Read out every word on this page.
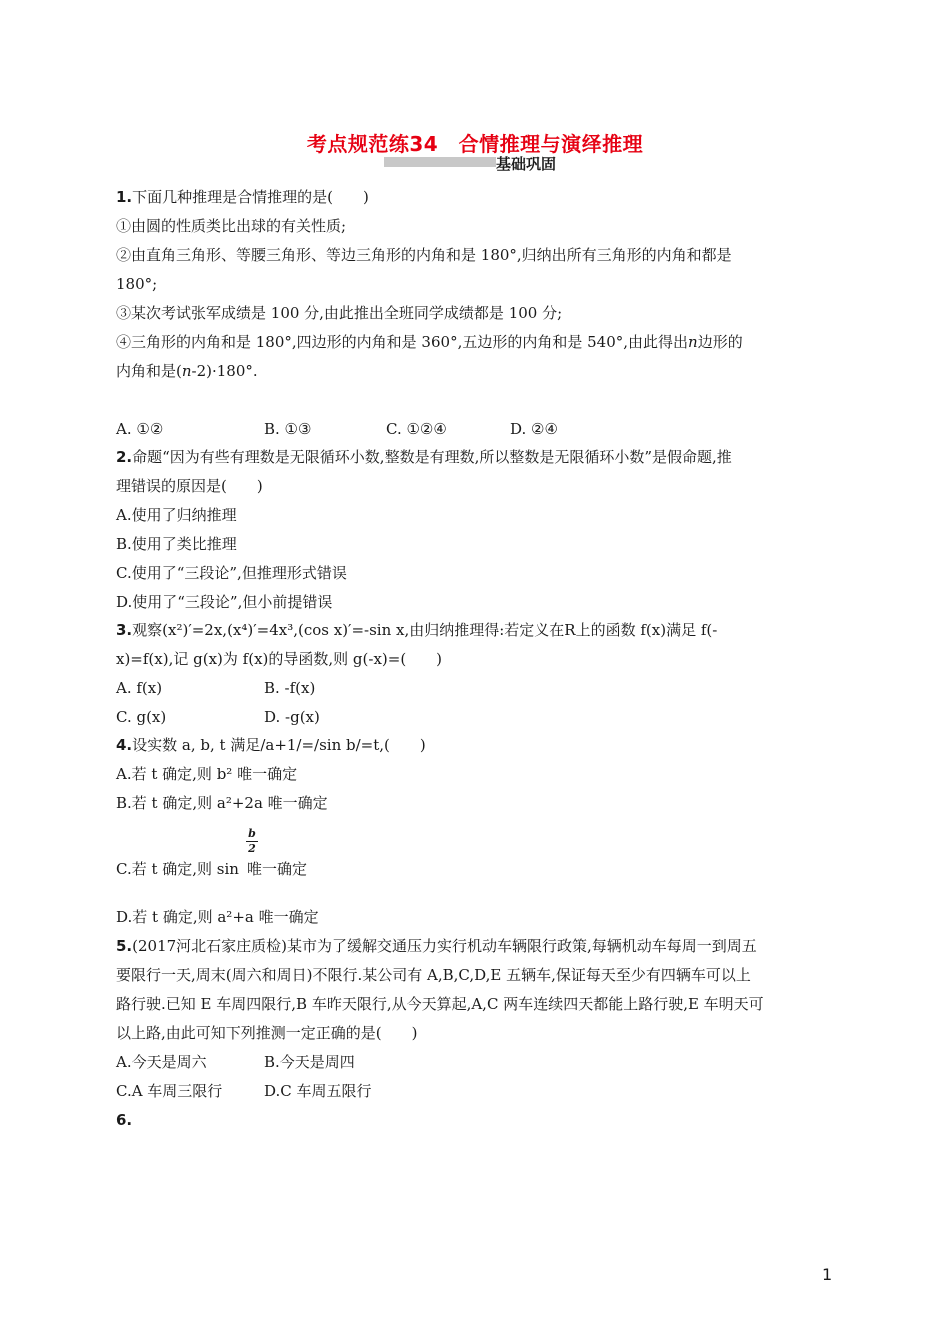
考点规范练34　合情推理与演绎推理
基础巩固
1.下面几种推理是合情推理的是(　　)
①由圆的性质类比出球的有关性质;
②由直角三角形、等腰三角形、等边三角形的内角和是 180°,归纳出所有三角形的内角和都是
180°;
③某次考试张军成绩是 100 分,由此推出全班同学成绩都是 100 分;
④三角形的内角和是 180°,四边形的内角和是 360°,五边形的内角和是 540°,由此得出n边形的
内角和是(n-2)·180°.
A. ①②	B. ①③	C. ①②④	D. ②④
2.命题“因为有些有理数是无限循环小数,整数是有理数,所以整数是无限循环小数”是假命题,推
理错误的原因是(　　)
A.使用了归纳推理
B.使用了类比推理
C.使用了“三段论”,但推理形式错误
D.使用了“三段论”,但小前提错误
3.观察(x²)′=2x,(x⁴)′=4x³,(cos x)′=-sin x,由归纳推理得:若定义在R上的函数 f(x)满足 f(-
x)=f(x),记 g(x)为 f(x)的导函数,则 g(-x)=(　　)
A. f(x)	B. -f(x)
C. g(x)	D. -g(x)
4.设实数 a, b, t 满足/a+1/=/sin b/=t,(　　)
A.若 t 确定,则 b² 唯一确定
B.若 t 确定,则 a²+2a 唯一确定
b
2
C.若 t 确定,则 sin 唯一确定
D.若 t 确定,则 a²+a 唯一确定
5.(2017河北石家庄质检)某市为了缓解交通压力实行机动车辆限行政策,每辆机动车每周一到周五
要限行一天,周末(周六和周日)不限行.某公司有 A,B,C,D,E 五辆车,保证每天至少有四辆车可以上
路行驶.已知 E 车周四限行,B 车昨天限行,从今天算起,A,C 两车连续四天都能上路行驶,E 车明天可
以上路,由此可知下列推测一定正确的是(　　)
A.今天是周六	B.今天是周四
C.A 车周三限行	D.C 车周五限行
6.
1
